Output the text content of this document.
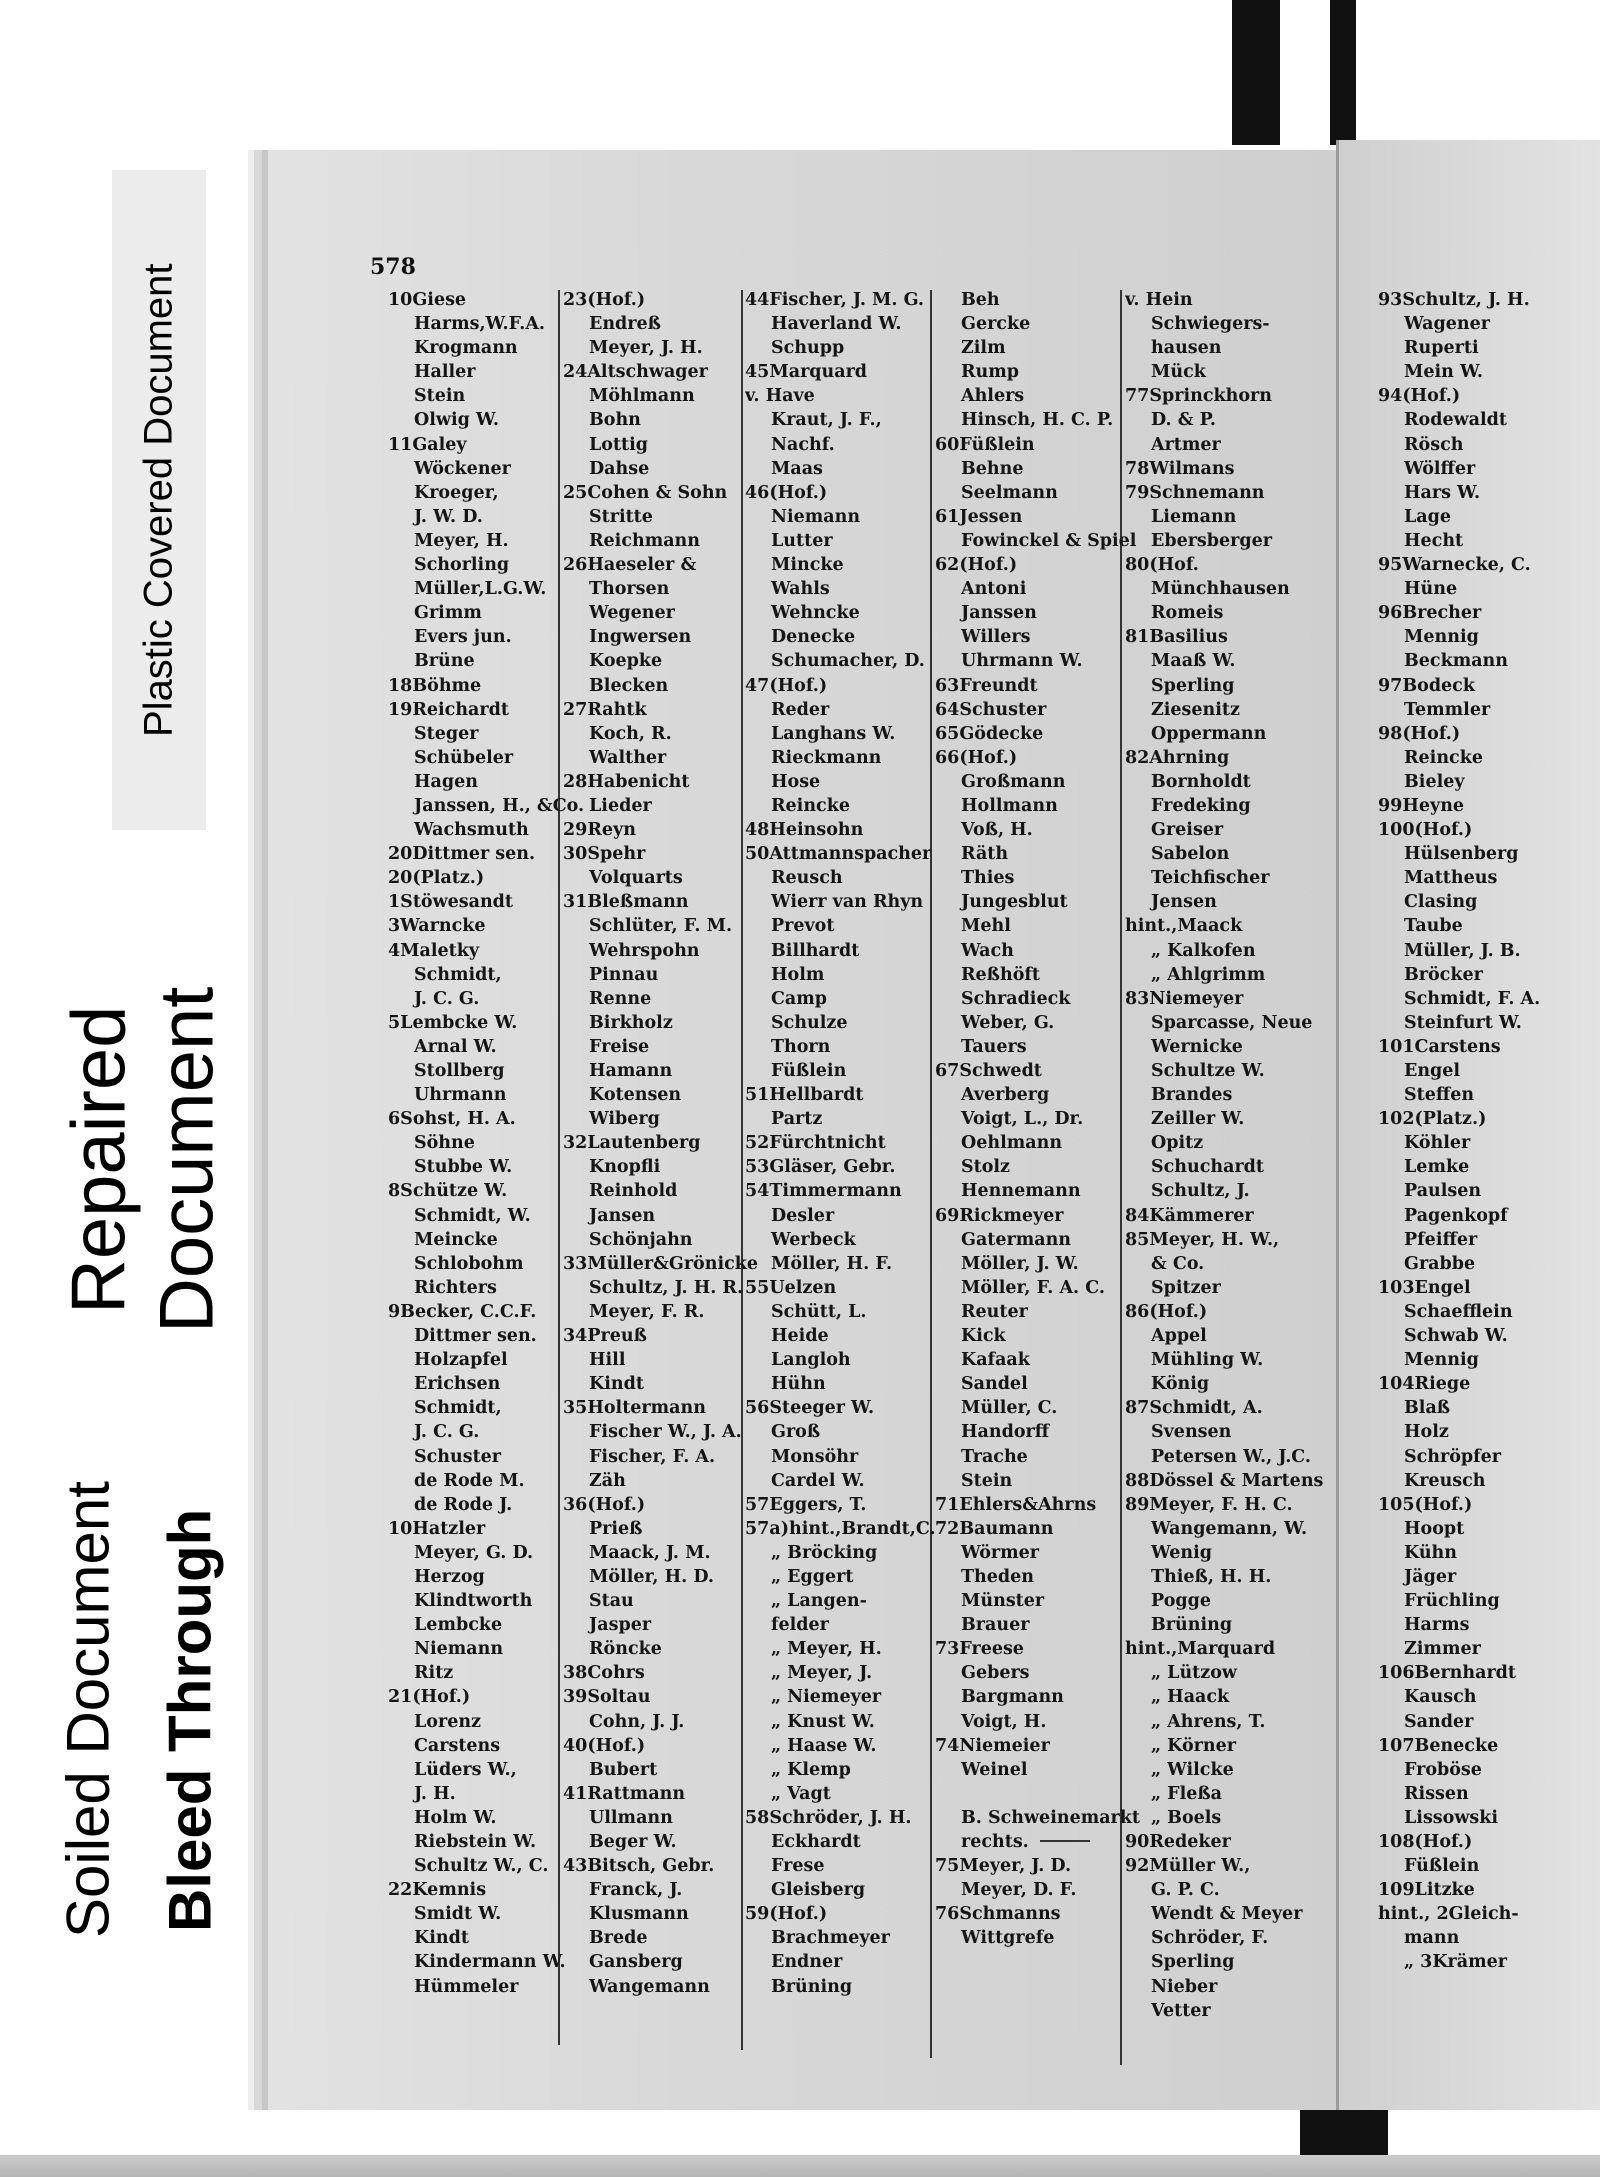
Plastic Covered Document
Repaired Document
Soiled Document Bleed Through
578
10Giese
Harms,W.F.A.
Krogmann
Haller
Stein
Olwig W.
11Galey
Wöckener
Kroeger,
J. W. D.
Meyer, H.
Schorling
Müller,L.G.W.
Grimm
Evers jun.
Brüne
18Böhme
19Reichardt
Steger
Schübeler
Hagen
Janssen, H., &Co.
Wachsmuth
20Dittmer sen.
20(Platz.)
1Stöwesandt
3Warncke
4Maletky
Schmidt,
J. C. G.
5Lembcke W.
Arnal W.
Stollberg
Uhrmann
6Sohst, H. A.
Söhne
Stubbe W.
8Schütze W.
Schmidt, W.
Meincke
Schlobohm
Richters
9Becker, C.C.F.
Dittmer sen.
Holzapfel
Erichsen
Schmidt,
J. C. G.
Schuster
de Rode M.
de Rode J.
10Hatzler
Meyer, G. D.
Herzog
Klindtworth
Lembcke
Niemann
Ritz
21(Hof.)
Lorenz
Carstens
Lüders W.,
J. H.
Holm W.
Riebstein W.
Schultz W., C.
22Kemnis
Smidt W.
Kindt
Kindermann W.
Hümmeler
23(Hof.)
Endreß
Meyer, J. H.
24Altschwager
Möhlmann
Bohn
Lottig
Dahse
25Cohen & Sohn
Stritte
Reichmann
26Haeseler &
Thorsen
Wegener
Ingwersen
Koepke
Blecken
27Rahtk
Koch, R.
Walther
28Habenicht
Lieder
29Reyn
30Spehr
Volquarts
31Bleßmann
Schlüter, F. M.
Wehrspohn
Pinnau
Renne
Birkholz
Freise
Hamann
Kotensen
Wiberg
32Lautenberg
Knopfli
Reinhold
Jansen
Schönjahn
33Müller&Grönicke
Schultz, J. H. R.
Meyer, F. R.
34Preuß
Hill
Kindt
35Holtermann
Fischer W., J. A.
Fischer, F. A.
Zäh
36(Hof.)
Prieß
Maack, J. M.
Möller, H. D.
Stau
Jasper
Röncke
38Cohrs
39Soltau
Cohn, J. J.
40(Hof.)
Bubert
41Rattmann
Ullmann
Beger W.
43Bitsch, Gebr.
Franck, J.
Klusmann
Brede
Gansberg
Wangemann
44Fischer, J. M. G.
Haverland W.
Schupp
45Marquard
v. Have
Kraut, J. F.,
Nachf.
Maas
46(Hof.)
Niemann
Lutter
Mincke
Wahls
Wehncke
Denecke
Schumacher, D.
47(Hof.)
Reder
Langhans W.
Rieckmann
Hose
Reincke
48Heinsohn
50Attmannspacher
Reusch
Wierr van Rhyn
Prevot
Billhardt
Holm
Camp
Schulze
Thorn
Füßlein
51Hellbardt
Partz
52Fürchtnicht
53Gläser, Gebr.
54Timmermann
Desler
Werbeck
Möller, H. F.
55Uelzen
Schütt, L.
Heide
Langloh
Hühn
56Steeger W.
Groß
Monsöhr
Cardel W.
57Eggers, T.
57a)hint.,Brandt,C.
„ Bröcking
„ Eggert
„ Langen-
felder
„ Meyer, H.
„ Meyer, J.
„ Niemeyer
„ Knust W.
„ Haase W.
„ Klemp
„ Vagt
58Schröder, J. H.
Eckhardt
Frese
Gleisberg
59(Hof.)
Brachmeyer
Endner
Brüning
Beh
Gercke
Zilm
Rump
Ahlers
Hinsch, H. C. P.
60Füßlein
Behne
Seelmann
61Jessen
Fowinckel & Spiel
62(Hof.)
Antoni
Janssen
Willers
Uhrmann W.
63Freundt
64Schuster
65Gödecke
66(Hof.)
Großmann
Hollmann
Voß, H.
Räth
Thies
Jungesblut
Mehl
Wach
Reßhöft
Schradieck
Weber, G.
Tauers
67Schwedt
Averberg
Voigt, L., Dr.
Oehlmann
Stolz
Hennemann
69Rickmeyer
Gatermann
Möller, J. W.
Möller, F. A. C.
Reuter
Kick
Kafaak
Sandel
Müller, C.
Handorff
Trache
Stein
71Ehlers&Ahrns
72Baumann
Wörmer
Theden
Münster
Brauer
73Freese
Gebers
Bargmann
Voigt, H.
74Niemeier
Weinel
B. Schweinemarkt
rechts.
75Meyer, J. D.
Meyer, D. F.
76Schmanns
Wittgrefe
v. Hein
Schwiegers-
hausen
Mück
77Sprinckhorn
D. & P.
Artmer
78Wilmans
79Schnemann
Liemann
Ebersberger
80(Hof.
Münchhausen
Romeis
81Basilius
Maaß W.
Sperling
Ziesenitz
Oppermann
82Ahrning
Bornholdt
Fredeking
Greiser
Sabelon
Teichfischer
Jensen
hint.,Maack
„ Kalkofen
„ Ahlgrimm
83Niemeyer
Sparcasse, Neue
Wernicke
Schultze W.
Brandes
Zeiller W.
Opitz
Schuchardt
Schultz, J.
84Kämmerer
85Meyer, H. W.,
& Co.
Spitzer
86(Hof.)
Appel
Mühling W.
König
87Schmidt, A.
Svensen
Petersen W., J.C.
88Dössel & Martens
89Meyer, F. H. C.
Wangemann, W.
Wenig
Thieß, H. H.
Pogge
Brüning
hint.,Marquard
„ Lützow
„ Haack
„ Ahrens, T.
„ Körner
„ Wilcke
„ Fleßa
„ Boels
90Redeker
92Müller W.,
G. P. C.
Wendt & Meyer
Schröder, F.
Sperling
Nieber
Vetter
93Schultz, J. H.
Wagener
Ruperti
Mein W.
94(Hof.)
Rodewaldt
Rösch
Wölffer
Hars W.
Lage
Hecht
95Warnecke, C.
Hüne
96Brecher
Mennig
Beckmann
97Bodeck
Temmler
98(Hof.)
Reincke
Bieley
99Heyne
100(Hof.)
Hülsenberg
Mattheus
Clasing
Taube
Müller, J. B.
Bröcker
Schmidt, F. A.
Steinfurt W.
101Carstens
Engel
Steffen
102(Platz.)
Köhler
Lemke
Paulsen
Pagenkopf
Pfeiffer
Grabbe
103Engel
Schaefflein
Schwab W.
Mennig
104Riege
Blaß
Holz
Schröpfer
Kreusch
105(Hof.)
Hoopt
Kühn
Jäger
Früchling
Harms
Zimmer
106Bernhardt
Kausch
Sander
107Benecke
Froböse
Rissen
Lissowski
108(Hof.)
Füßlein
109Litzke
hint., 2Gleich-
mann
„ 3Krämer
